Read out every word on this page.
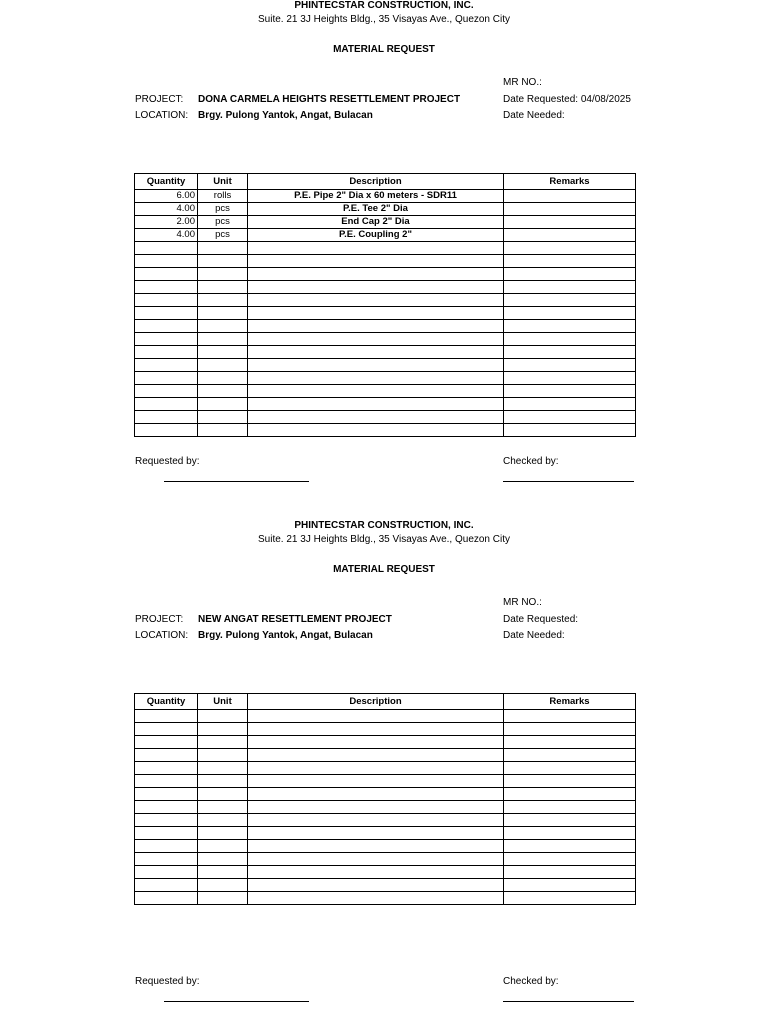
PHINTECSTAR CONSTRUCTION, INC.
Suite. 21 3J Heights Bldg., 35 Visayas Ave., Quezon City
MATERIAL REQUEST
PROJECT: DONA CARMELA HEIGHTS RESETTLEMENT PROJECT
LOCATION: Brgy. Pulong Yantok, Angat, Bulacan
MR NO.:
Date Requested: 04/08/2025
Date Needed:
Quantity	Unit	Description	Remarks
6.00	rolls	P.E. Pipe 2" Dia x 60 meters - SDR11	
4.00	pcs	P.E. Tee 2" Dia	
2.00	pcs	End Cap 2" Dia	
4.00	pcs	P.E. Coupling 2"	

Requested by:	Checked by:
PHINTECSTAR CONSTRUCTION, INC.
Suite. 21 3J Heights Bldg., 35 Visayas Ave., Quezon City
MATERIAL REQUEST
PROJECT: NEW ANGAT RESETTLEMENT PROJECT
LOCATION: Brgy. Pulong Yantok, Angat, Bulacan
MR NO.:
Date Requested:
Date Needed:
Quantity	Unit	Description	Remarks

Requested by:	Checked by:
